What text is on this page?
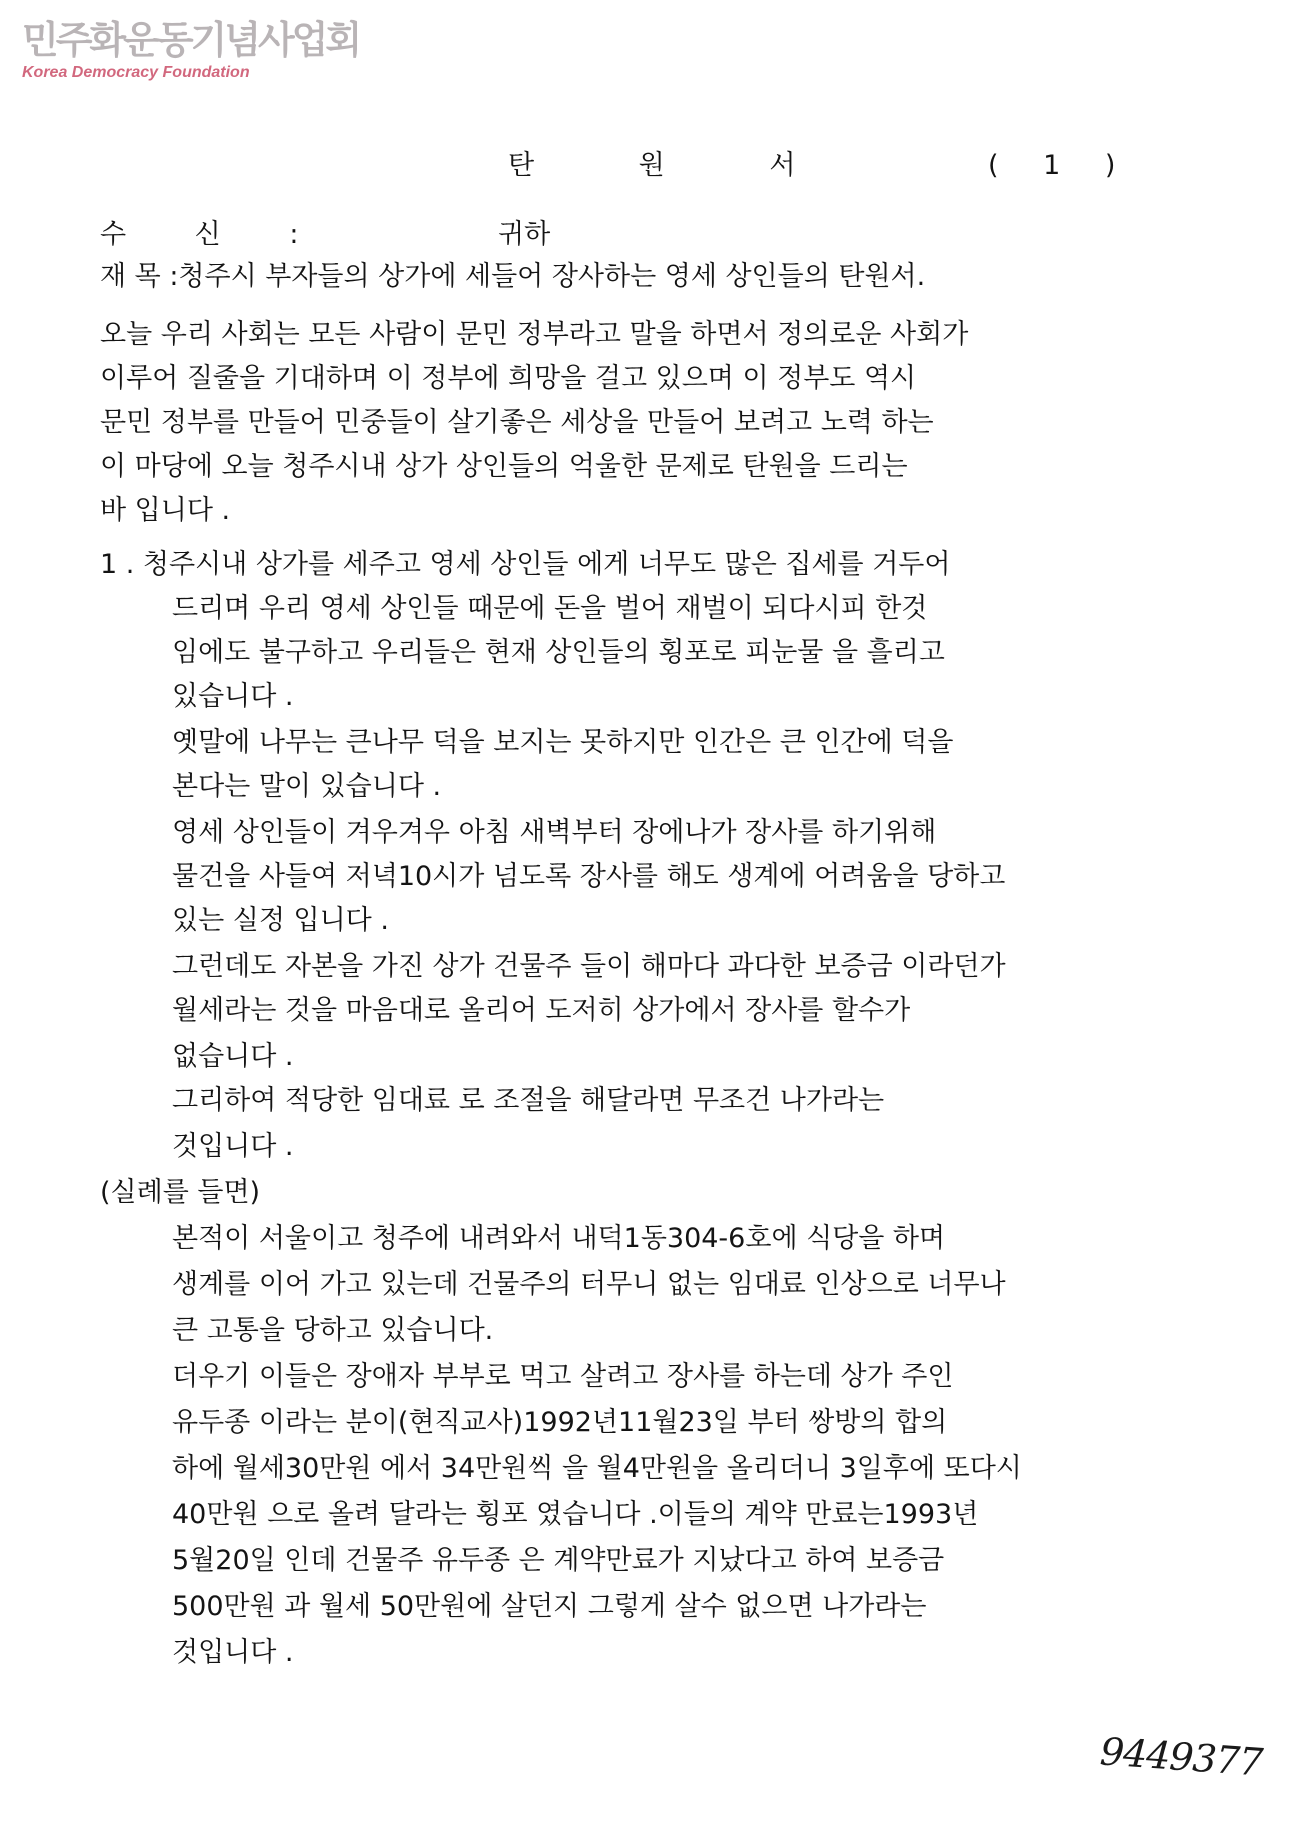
민주화운동기념사업회
Korea Democracy Foundation
탄 원 서	( 1 )
수 신 :	귀하
재 목 :청주시 부자들의 상가에 세들어 장사하는 영세 상인들의 탄원서.
오늘 우리 사회는 모든 사람이 문민 정부라고 말을 하면서 정의로운 사회가
이루어 질줄을 기대하며 이 정부에 희망을 걸고 있으며 이 정부도 역시
문민 정부를 만들어 민중들이 살기좋은 세상을 만들어 보려고 노력 하는
이 마당에 오늘 청주시내 상가 상인들의 억울한 문제로 탄원을 드리는
바 입니다 .
1 . 청주시내 상가를 세주고 영세 상인들 에게 너무도 많은 집세를 거두어
드리며 우리 영세 상인들 때문에 돈을 벌어 재벌이 되다시피 한것
임에도 불구하고 우리들은 현재 상인들의 횡포로 피눈물 을 흘리고
있습니다 .
옛말에 나무는 큰나무 덕을 보지는 못하지만 인간은 큰 인간에 덕을
본다는 말이 있습니다 .
영세 상인들이 겨우겨우 아침 새벽부터 장에나가 장사를 하기위해
물건을 사들여 저녁10시가 넘도록 장사를 해도 생계에 어려움을 당하고
있는 실정 입니다 .
그런데도 자본을 가진 상가 건물주 들이 해마다 과다한 보증금 이라던가
월세라는 것을 마음대로 올리어 도저히 상가에서 장사를 할수가
없습니다 .
그리하여 적당한 임대료 로 조절을 해달라면 무조건 나가라는
것입니다 .
(실례를 들면)
본적이 서울이고 청주에 내려와서 내덕1동304-6호에 식당을 하며
생계를 이어 가고 있는데 건물주의 터무니 없는 임대료 인상으로 너무나
큰 고통을 당하고 있습니다.
더우기 이들은 장애자 부부로 먹고 살려고 장사를 하는데 상가 주인
유두종 이라는 분이(현직교사)1992년11월23일 부터 쌍방의 합의
하에 월세30만원 에서 34만원씩 을 월4만원을 올리더니 3일후에 또다시
40만원 으로 올려 달라는 횡포 였습니다 .이들의 계약 만료는1993년
5월20일 인데 건물주 유두종 은 계약만료가 지났다고 하여 보증금
500만원 과 월세 50만원에 살던지 그렇게 살수 없으면 나가라는
것입니다 .
9449377
